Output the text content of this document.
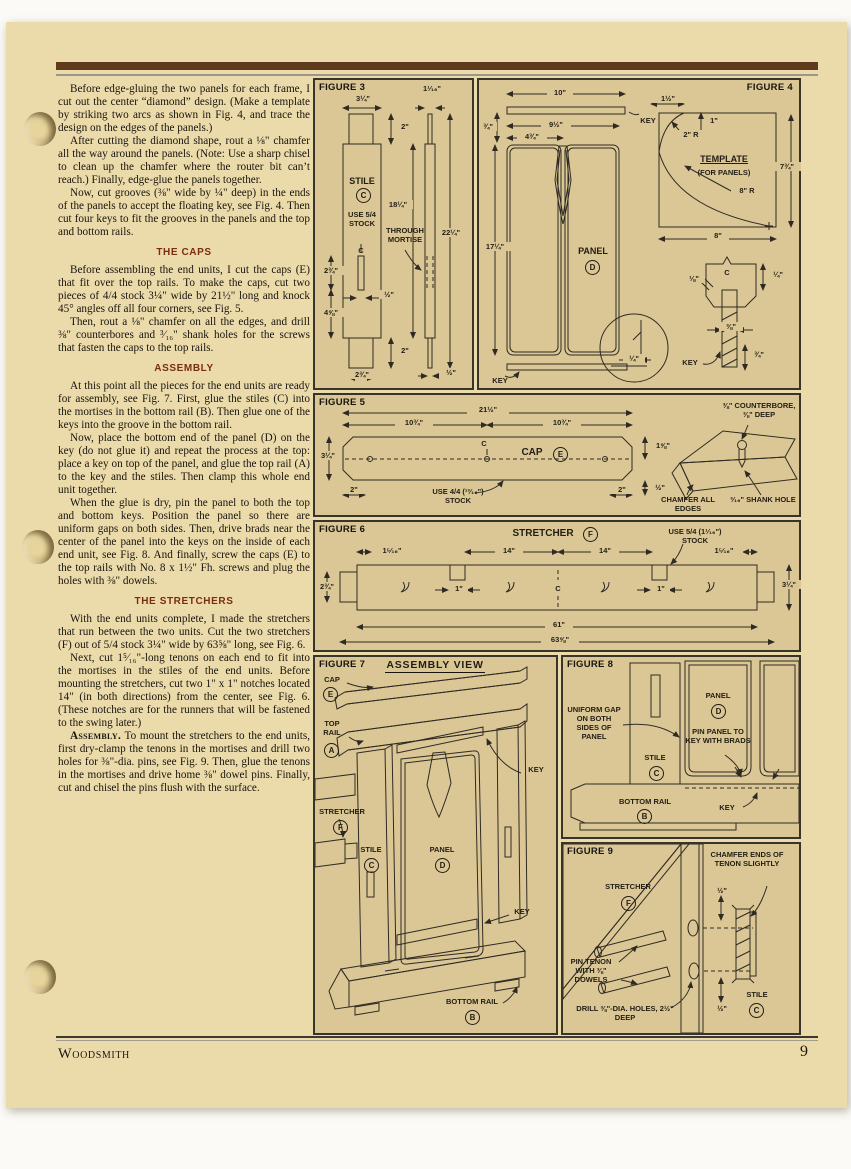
Before edge-gluing the two panels for each frame, I cut out the center “diamond” design. (Make a template by striking two arcs as shown in Fig. 4, and trace the design on the edges of the panels.)

After cutting the diamond shape, rout a ⅛" chamfer all the way around the panels. (Note: Use a sharp chisel to clean up the chamfer where the router bit can’t reach.) Finally, edge-glue the panels together.

Now, cut grooves (⅜" wide by ¼" deep) in the ends of the panels to accept the floating key, see Fig. 4. Then cut four keys to fit the grooves in the panels and the top and bottom rails.

THE CAPS

Before assembling the end units, I cut the caps (E) that fit over the top rails. To make the caps, cut two pieces of 4/4 stock 3¼" wide by 21½" long and knock 45° angles off all four corners, see Fig. 5.

Then, rout a ⅛" chamfer on all the edges, and drill ⅜" counterbores and ³⁄₁₆" shank holes for the screws that fasten the caps to the top rails.

ASSEMBLY

At this point all the pieces for the end units are ready for assembly, see Fig. 7. First, glue the stiles (C) into the mortises in the bottom rail (B). Then glue one of the keys into the groove in the bottom rail.

Now, place the bottom end of the panel (D) on the key (do not glue it) and repeat the process at the top: place a key on top of the panel, and glue the top rail (A) to the key and the stiles. Then clamp this whole end unit together.

When the glue is dry, pin the panel to both the top and bottom keys. Position the panel so there are uniform gaps on both sides. Then, drive brads near the center of the panel into the keys on the inside of each end unit, see Fig. 8. And finally, screw the caps (E) to the top rails with No. 8 x 1½" Fh. screws and plug the holes with ⅜" dowels.

THE STRETCHERS

With the end units complete, I made the stretchers that run between the two units. Cut the two stretchers (F) out of 5/4 stock 3¼" wide by 63⅝" long, see Fig. 6.

Next, cut 1⁵⁄₁₆"-long tenons on each end to fit into the mortises in the stiles of the end units. Before mounting the stretchers, cut two 1" x 1" notches located 14" (in both directions) from the center, see Fig. 6. (These notches are for the runners that will be fastened to the swing later.)

Assembly. To mount the stretchers to the end units, first dry-clamp the tenons in the mortises and drill two holes for ⅜"-dia. pins, see Fig. 9. Then, glue the tenons in the mortises and drive home ⅜" dowel pins. Finally, cut and chisel the pins flush with the surface.

FIGURE 3
3¼"
1¹⁄₁₆"
2"
STILE
C
USE 5/4 STOCK
18¼"
C
22¼"
THROUGH MORTISE
2¾"
4⅝"
½"
2"
2¾"	½"
FIGURE 4
10"
¾"
KEY
9½"
4¾"
17¼"	PANEL
D
KEY
¼"
1½"
1"
2" R
TEMPLATE
(FOR PANELS)
7¾"
8" R
8"
C
⅛"	¼"
⅜"
¾"
KEY
FIGURE 5
21½"
10¾"	10¾"
3¼"
C
CAP	E
2"	2"
1⅝"
½"
USE 4/4 (¹³⁄₁₆") STOCK
⅜" COUNTERBORE, ⅜" DEEP
CHAMFER ALL EDGES
³⁄₁₆" SHANK HOLE
FIGURE 6	STRETCHER	F	USE 5/4 (1¹⁄₁₆") STOCK
1⁵⁄₁₆"	14"	14"	1⁵⁄₁₆"
2¾"	1"	C	1"	3¼"
61"
63⅝"
FIGURE 7 ASSEMBLY VIEW
CAP
E
TOP RAIL
A
KEY
STRETCHER
F
STILE
C
PANEL
D
KEY
BOTTOM RAIL
B
FIGURE 8
UNIFORM GAP ON BOTH SIDES OF PANEL
PANEL
D
PIN PANEL TO KEY WITH BRADS
STILE
C
BOTTOM RAIL
B
KEY
FIGURE 9
STRETCHER
F
CHAMFER ENDS OF TENON SLIGHTLY
½"
½"
PIN TENON WITH ⅜" DOWELS
DRILL ⅜"-DIA. HOLES, 2½" DEEP
STILE
C
Woodsmith	9
